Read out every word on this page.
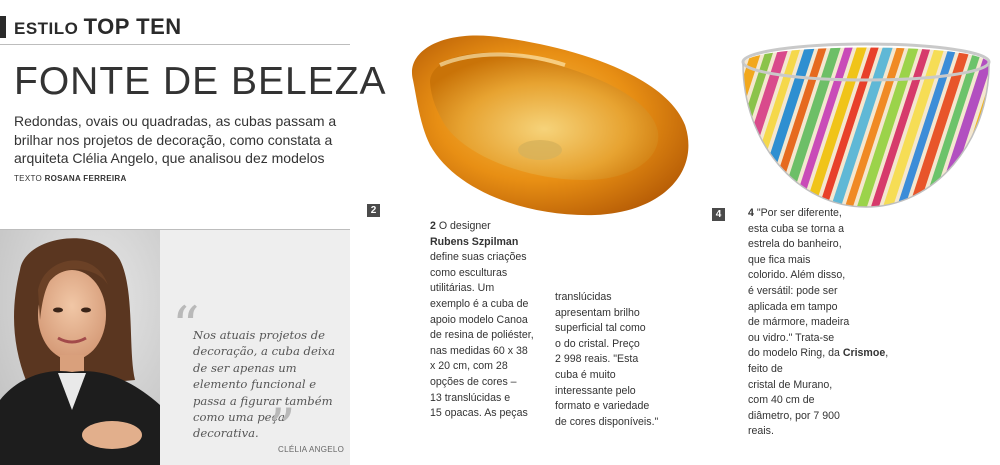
ESTILO TOP TEN
FONTE DE BELEZA
Redondas, ovais ou quadradas, as cubas passam a brilhar nos projetos de decoração, como constata a arquiteta Clélia Angelo, que analisou dez modelos
TEXTO ROSANA FERREIRA
“
Nos atuais projetos de decoração, a cuba deixa de ser apenas um elemento funcional e passa a figurar também como uma peça decorativa. ”
CLÉLIA ANGELO
2
2 O designer
Rubens Szpilman
define suas criações
como esculturas
utilitárias. Um
exemplo é a cuba de
apoio modelo Canoa
de resina de poliéster,
nas medidas 60 x 38
x 20 cm, com 28
opções de cores –
13 translúcidas e
15 opacas. As peças
translúcidas
apresentam brilho
superficial tal como
o do cristal. Preço
2 998 reais. "Esta
cuba é muito
interessante pelo
formato e variedade
de cores disponíveis."
4	4 "Por ser diferente,
esta cuba se torna a
estrela do banheiro,
que fica mais
colorido. Além disso,
é versátil: pode ser
aplicada em tampo
de mármore, madeira
ou vidro." Trata-se
do modelo Ring, da Crismoe, feito de
cristal de Murano,
com 40 cm de
diâmetro, por 7 900
reais.
